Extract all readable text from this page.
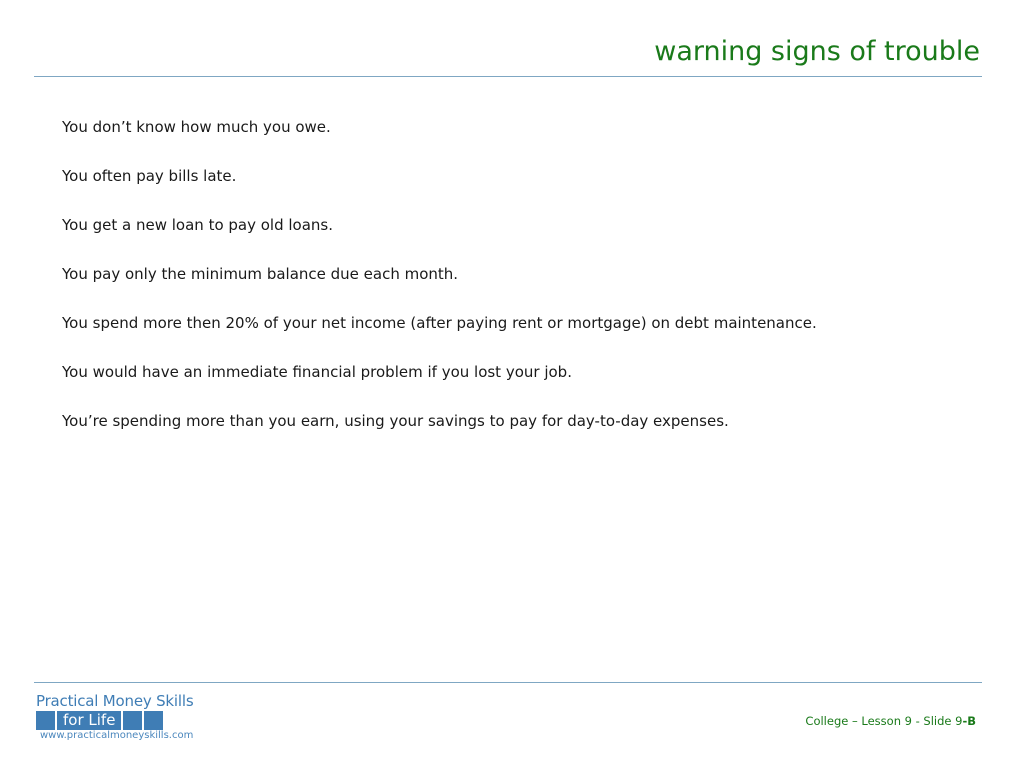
warning signs of trouble
You don’t know how much you owe.
You often pay bills late.
You get a new loan to pay old loans.
You pay only the minimum balance due each month.
You spend more then 20% of your net income (after paying rent or mortgage) on debt maintenance.
You would have an immediate financial problem if you lost your job.
You’re spending more than you earn, using your savings to pay for day-to-day expenses.
Practical Money Skills
for Life
www.practicalmoneyskills.com
College – Lesson 9 - Slide 9-B
